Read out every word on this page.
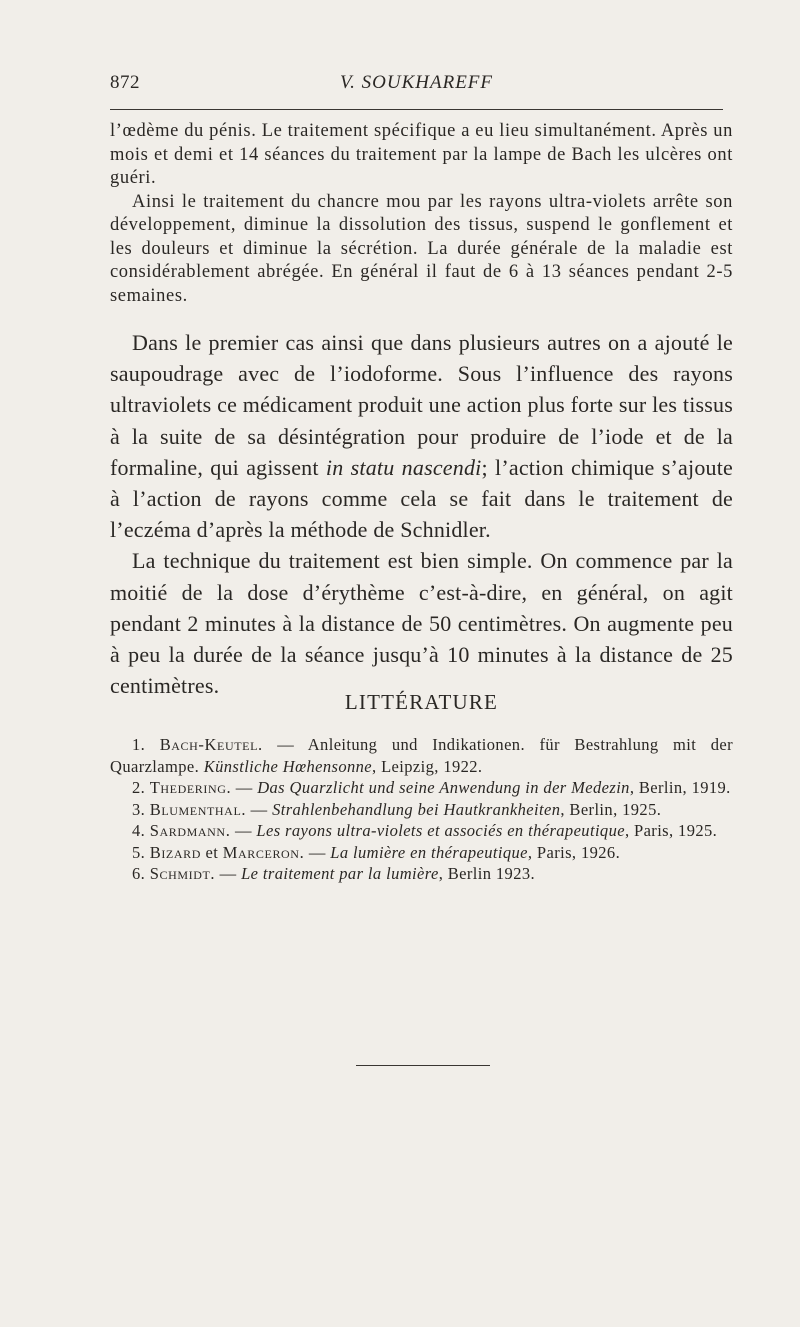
872	V. SOUKHAREFF

l’œdème du pénis. Le traitement spécifique a eu lieu simultanément. Après un mois et demi et 14 séances du traitement par la lampe de Bach les ulcères ont guéri.

Ainsi le traitement du chancre mou par les rayons ultra-violets arrête son développement, diminue la dissolution des tissus, suspend le gonflement et les douleurs et diminue la sécrétion. La durée générale de la maladie est considérablement abrégée. En général il faut de 6 à 13 séances pendant 2-5 semaines.

Dans le premier cas ainsi que dans plusieurs autres on a ajouté le saupoudrage avec de l’iodoforme. Sous l’influence des rayons ultraviolets ce médicament produit une action plus forte sur les tissus à la suite de sa désintégration pour produire de l’iode et de la formaline, qui agissent in statu nascendi; l’action chimique s’ajoute à l’action de rayons comme cela se fait dans le traitement de l’eczéma d’après la méthode de Schnidler.

La technique du traitement est bien simple. On commence par la moitié de la dose d’érythème c’est-à-dire, en général, on agit pendant 2 minutes à la distance de 50 centimètres. On augmente peu à peu la durée de la séance jusqu’à 10 minutes à la distance de 25 centimètres.

LITTÉRATURE

1. Bach-Keutel. — Anleitung und Indikationen. für Bestrahlung mit der Quarzlampe. Künstliche Hœhensonne, Leipzig, 1922.

2. Thedering. — Das Quarzlicht und seine Anwendung in der Medezin, Berlin, 1919.

3. Blumenthal. — Strahlenbehandlung bei Hautkrankheiten, Berlin, 1925.

4. Sardmann. — Les rayons ultra-violets et associés en thérapeutique, Paris, 1925.

5. Bizard et Marceron. — La lumière en thérapeutique, Paris, 1926.

6. Schmidt. — Le traitement par la lumière, Berlin 1923.
